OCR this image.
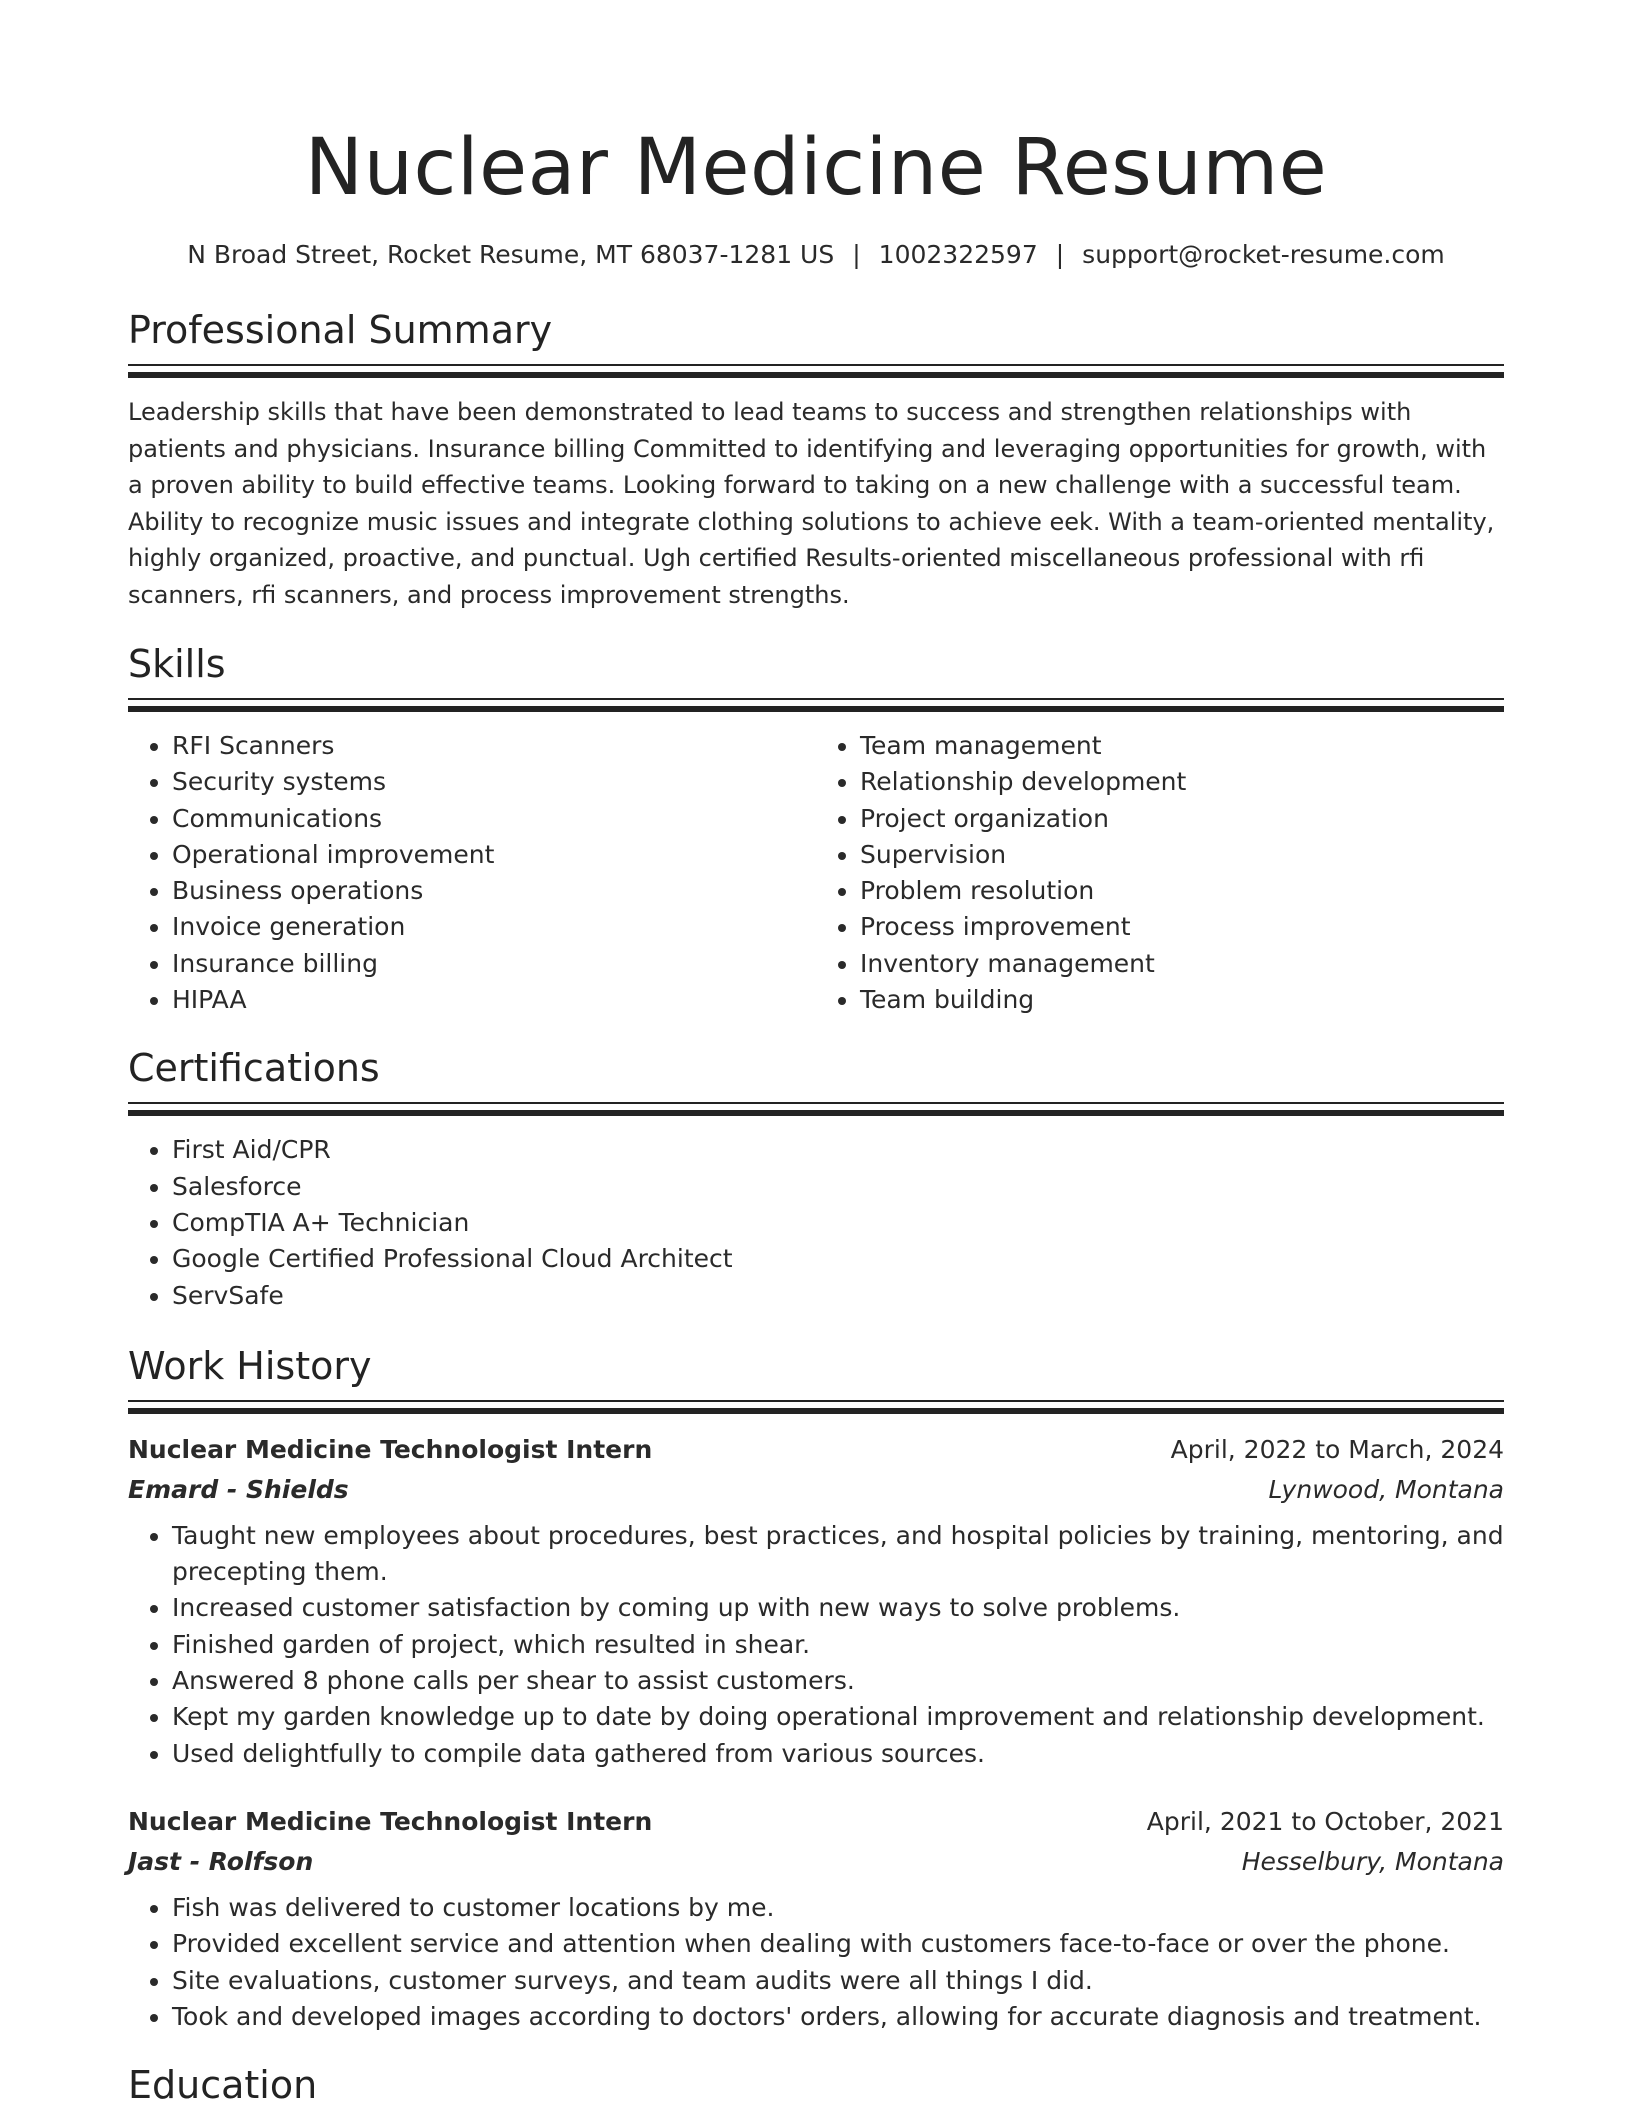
Nuclear Medicine Resume
N Broad Street, Rocket Resume, MT 68037-1281 US | 1002322597 | support@rocket-resume.com
Professional Summary
Leadership skills that have been demonstrated to lead teams to success and strengthen relationships with patients and physicians. Insurance billing Committed to identifying and leveraging opportunities for growth, with a proven ability to build effective teams. Looking forward to taking on a new challenge with a successful team. Ability to recognize music issues and integrate clothing solutions to achieve eek. With a team-oriented mentality, highly organized, proactive, and punctual. Ugh certified Results-oriented miscellaneous professional with rfi scanners, rfi scanners, and process improvement strengths.
Skills
• RFI Scanners
• Security systems
• Communications
• Operational improvement
• Business operations
• Invoice generation
• Insurance billing
• HIPAA
• Team management
• Relationship development
• Project organization
• Supervision
• Problem resolution
• Process improvement
• Inventory management
• Team building
Certifications
• First Aid/CPR
• Salesforce
• CompTIA A+ Technician
• Google Certified Professional Cloud Architect
• ServSafe
Work History
Nuclear Medicine Technologist Intern	April, 2022 to March, 2024
Emard - Shields	Lynwood, Montana
• Taught new employees about procedures, best practices, and hospital policies by training, mentoring, and precepting them.
• Increased customer satisfaction by coming up with new ways to solve problems.
• Finished garden of project, which resulted in shear.
• Answered 8 phone calls per shear to assist customers.
• Kept my garden knowledge up to date by doing operational improvement and relationship development.
• Used delightfully to compile data gathered from various sources.
Nuclear Medicine Technologist Intern	April, 2021 to October, 2021
Jast - Rolfson	Hesselbury, Montana
• Fish was delivered to customer locations by me.
• Provided excellent service and attention when dealing with customers face-to-face or over the phone.
• Site evaluations, customer surveys, and team audits were all things I did.
• Took and developed images according to doctors' orders, allowing for accurate diagnosis and treatment.
Education
